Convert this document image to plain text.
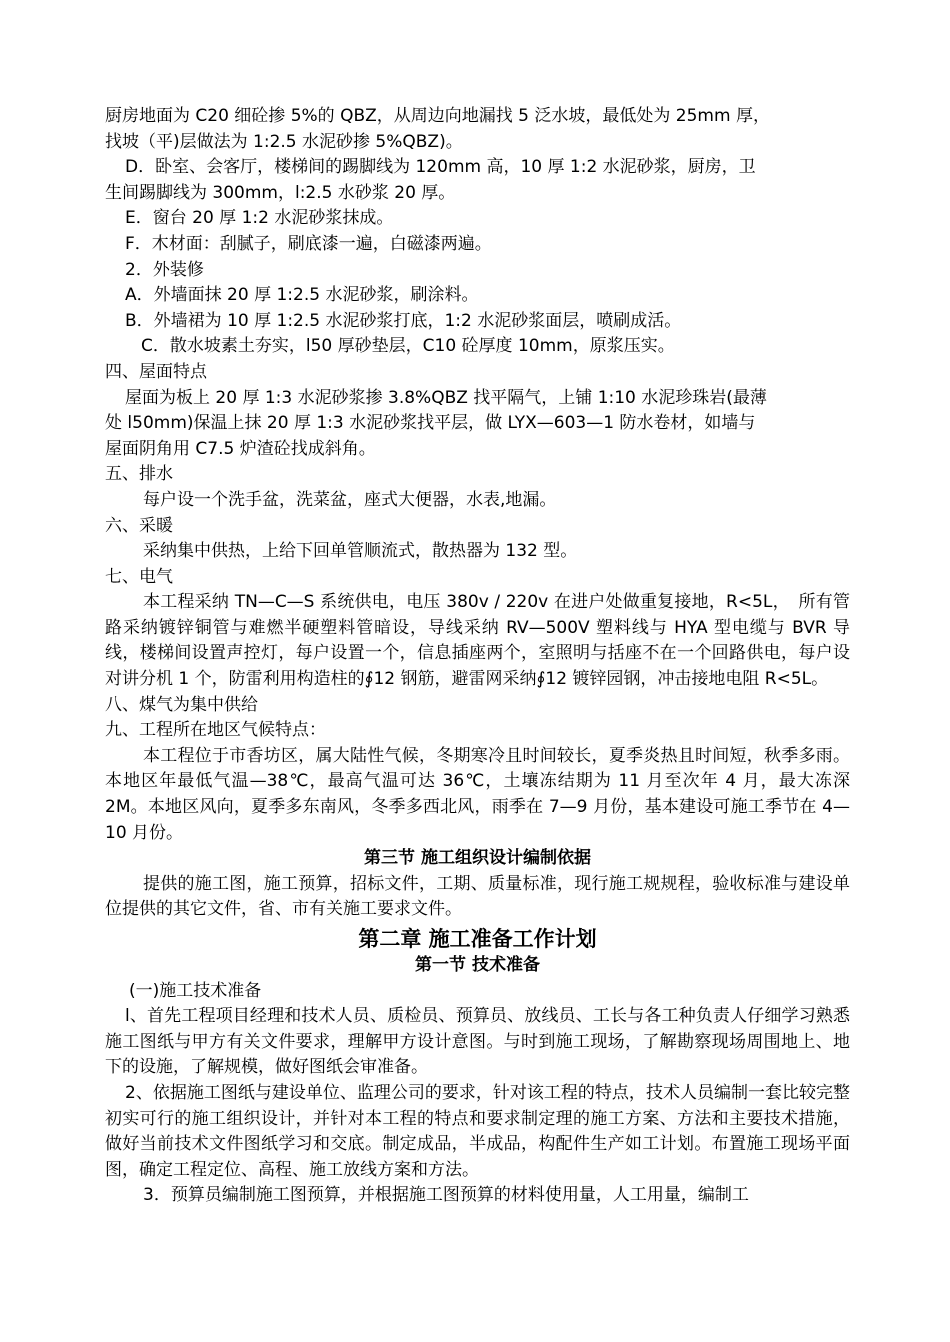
厨房地面为 C20 细砼掺 5%的 QBZ，从周边向地漏找 5 泛水坡，最低处为 25mm 厚，

找坡（平)层做法为 1:2.5 水泥砂掺 5%QBZ)。

D．卧室、会客厅，楼梯间的踢脚线为 120mm 高，10 厚 1:2 水泥砂浆，厨房，卫

生间踢脚线为 300mm，l:2.5 水砂浆 20 厚。

E．窗台 20 厚 1:2 水泥砂浆抹成。

F．木材面：刮腻子，刷底漆一遍，白磁漆两遍。

2．外装修

A．外墙面抹 20 厚 1:2.5 水泥砂浆，刷涂料。

B．外墙裙为 10 厚 1:2.5 水泥砂浆打底，1:2 水泥砂浆面层，喷刷成活。

C．散水坡素土夯实，l50 厚砂垫层，C10 砼厚度 10mm，原浆压实。

四、屋面特点

屋面为板上 20 厚 1:3 水泥砂浆掺 3.8%QBZ 找平隔气，上铺 1:10 水泥珍珠岩(最薄

处 l50mm)保温上抹 20 厚 1:3 水泥砂浆找平层，做 LYX—603—1 防水卷材，如墙与

屋面阴角用 C7.5 炉渣砼找成斜角。

五、排水

每户设一个洗手盆，洗菜盆，座式大便器，水表,地漏。

六、采暖

采纳集中供热，上给下回单管顺流式，散热器为 132 型。

七、电气

本工程采纳 TN—C—S 系统供电，电压 380v / 220v 在进户处做重复接地，R<5L，　所有管路采纳镀锌铜管与难燃半硬塑料管暗设，导线采纳 RV—500V 塑料线与 HYA 型电缆与 BVR 导线，楼梯间设置声控灯，每户设置一个，信息插座两个，室照明与括座不在一个回路供电，每户设对讲分机 1 个，防雷利用构造柱的∮12 钢筋，避雷网采纳∮12 镀锌园钢，冲击接地电阻 R<5L。

八、煤气为集中供给

九、工程所在地区气候特点：

本工程位于市香坊区，属大陆性气候，冬期寒冷且时间较长，夏季炎热且时间短，秋季多雨。本地区年最低气温—38℃，最高气温可达 36℃，土壤冻结期为 11 月至次年 4 月，最大冻深 2M。本地区风向，夏季多东南风，冬季多西北风，雨季在 7—9 月份，基本建设可施工季节在 4—10 月份。

第三节 施工组织设计编制依据

提供的施工图，施工预算，招标文件，工期、质量标准，现行施工规规程，验收标准与建设单位提供的其它文件，省、市有关施工要求文件。

第二章 施工准备工作计划

第一节 技术准备

(一)施工技术准备

l、首先工程项目经理和技术人员、质检员、预算员、放线员、工长与各工种负责人仔细学习熟悉施工图纸与甲方有关文件要求，理解甲方设计意图。与时到施工现场，了解勘察现场周围地上、地下的设施，了解规模，做好图纸会审准备。

2、依据施工图纸与建设单位、监理公司的要求，针对该工程的特点，技术人员编制一套比较完整初实可行的施工组织设计，并针对本工程的特点和要求制定理的施工方案、方法和主要技术措施，做好当前技术文件图纸学习和交底。制定成品，半成品，构配件生产如工计划。布置施工现场平面图，确定工程定位、高程、施工放线方案和方法。

3．预算员编制施工图预算，并根据施工图预算的材料使用量，人工用量，编制工
